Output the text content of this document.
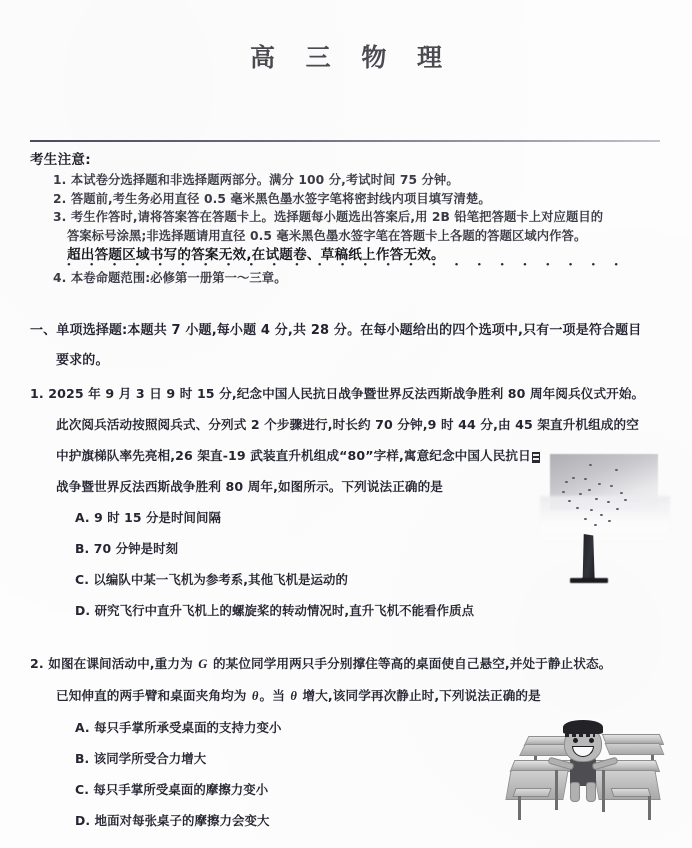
高 三 物 理
考生注意:
1. 本试卷分选择题和非选择题两部分。满分 100 分,考试时间 75 分钟。
2. 答题前,考生务必用直径 0.5 毫米黑色墨水签字笔将密封线内项目填写清楚。
3. 考生作答时,请将答案答在答题卡上。选择题每小题选出答案后,用 2B 铅笔把答题卡上对应题目的
答案标号涂黑;非选择题请用直径 0.5 毫米黑色墨水签字笔在答题卡上各题的答题区域内作答。
超出答题区域书写的答案无效,在试题卷、草稿纸上作答无效。
• • • • • • • • • • • • • • • • • • • • • • • • •
4. 本卷命题范围:必修第一册第一～三章。
一、单项选择题:本题共 7 小题,每小题 4 分,共 28 分。在每小题给出的四个选项中,只有一项是符合题目
要求的。
1. 2025 年 9 月 3 日 9 时 15 分,纪念中国人民抗日战争暨世界反法西斯战争胜利 80 周年阅兵仪式开始。
此次阅兵活动按照阅兵式、分列式 2 个步骤进行,时长约 70 分钟,9 时 44 分,由 45 架直升机组成的空
中护旗梯队率先亮相,26 架直-19 武装直升机组成“80”字样,寓意纪念中国人民抗日
战争暨世界反法西斯战争胜利 80 周年,如图所示。下列说法正确的是
A. 9 时 15 分是时间间隔
B. 70 分钟是时刻
C. 以编队中某一飞机为参考系,其他飞机是运动的
D. 研究飞行中直升飞机上的螺旋桨的转动情况时,直升飞机不能看作质点
2. 如图在课间活动中,重力为 G 的某位同学用两只手分别撑住等高的桌面使自己悬空,并处于静止状态。
已知伸直的两手臂和桌面夹角均为 θ。当 θ 增大,该同学再次静止时,下列说法正确的是
A. 每只手掌所承受桌面的支持力变小
B. 该同学所受合力增大
C. 每只手掌所受桌面的摩擦力变小
D. 地面对每张桌子的摩擦力会变大
